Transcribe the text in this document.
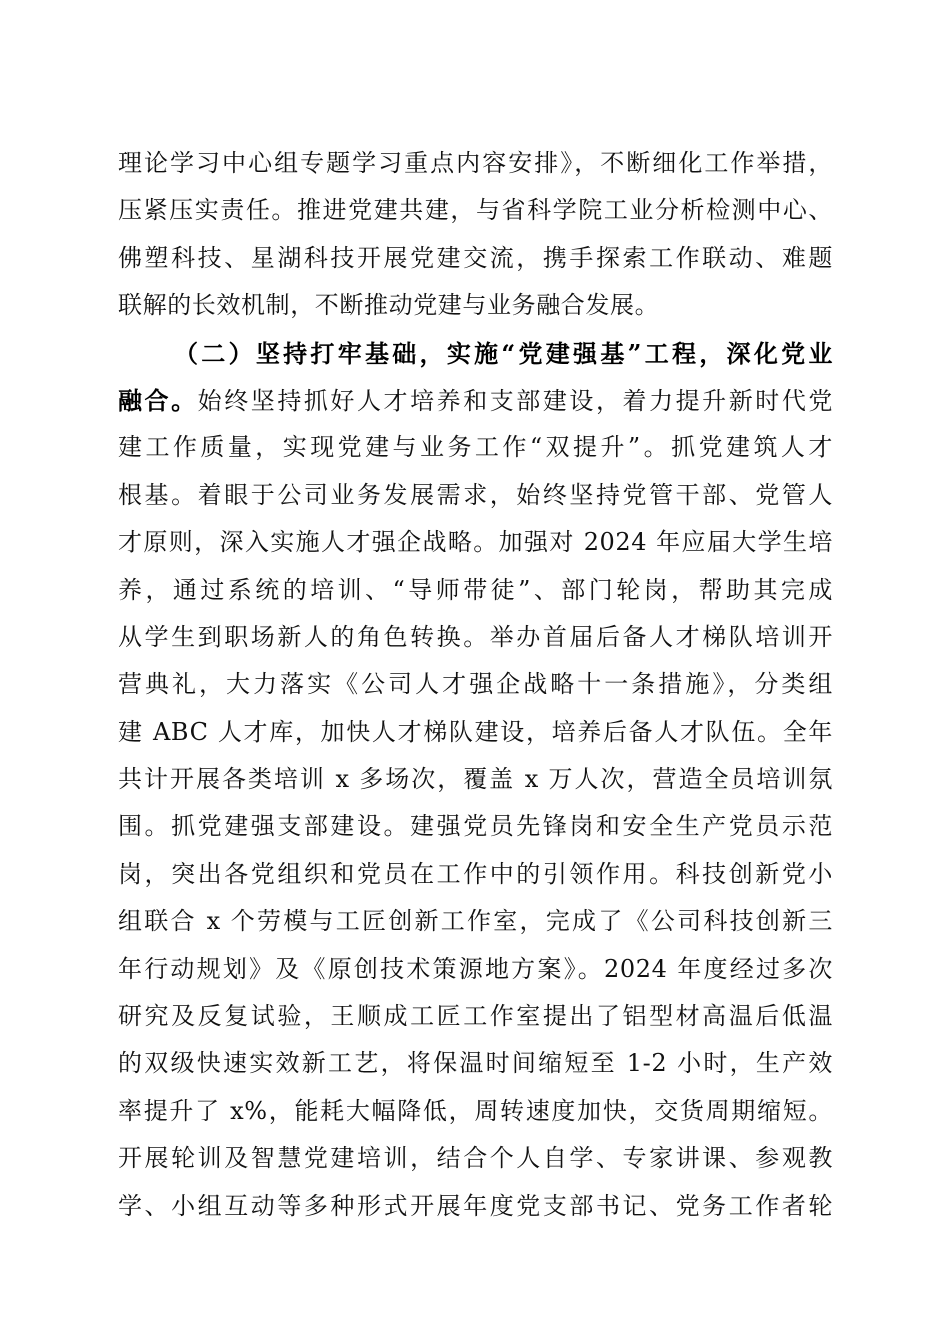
理论学习中心组专题学习重点内容安排》，不断细化工作举措，
压紧压实责任。推进党建共建，与省科学院工业分析检测中心、
佛塑科技、星湖科技开展党建交流，携手探索工作联动、难题
联解的长效机制，不断推动党建与业务融合发展。
（二）坚持打牢基础，实施“党建强基”工程，深化党业
融合。始终坚持抓好人才培养和支部建设，着力提升新时代党
建工作质量，实现党建与业务工作“双提升”。抓党建筑人才
根基。着眼于公司业务发展需求，始终坚持党管干部、党管人
才原则，深入实施人才强企战略。加强对 2024 年应届大学生培
养，通过系统的培训、“导师带徒”、部门轮岗，帮助其完成
从学生到职场新人的角色转换。举办首届后备人才梯队培训开
营典礼，大力落实《公司人才强企战略十一条措施》，分类组
建 ABC 人才库，加快人才梯队建设，培养后备人才队伍。全年
共计开展各类培训 x 多场次，覆盖 x 万人次，营造全员培训氛
围。抓党建强支部建设。建强党员先锋岗和安全生产党员示范
岗，突出各党组织和党员在工作中的引领作用。科技创新党小
组联合 x 个劳模与工匠创新工作室，完成了《公司科技创新三
年行动规划》及《原创技术策源地方案》。2024 年度经过多次
研究及反复试验，王顺成工匠工作室提出了铝型材高温后低温
的双级快速实效新工艺，将保温时间缩短至 1-2 小时，生产效
率提升了 x%，能耗大幅降低，周转速度加快，交货周期缩短。
开展轮训及智慧党建培训，结合个人自学、专家讲课、参观教
学、小组互动等多种形式开展年度党支部书记、党务工作者轮
